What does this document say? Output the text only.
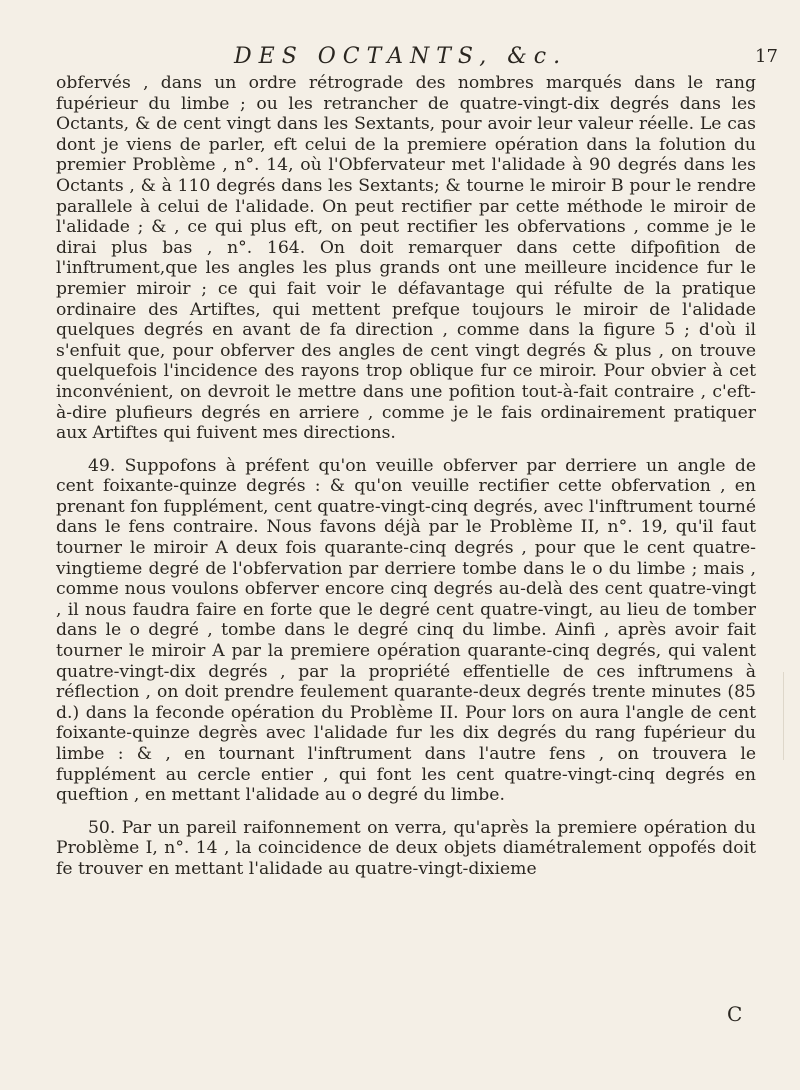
DES OCTANTS, &c.	17

obfervés , dans un ordre rétrograde des nombres marqués dans le rang fupérieur du limbe ; ou les retrancher de quatre-vingt-dix degrés dans les Octants, & de cent vingt dans les Sextants, pour avoir leur valeur réelle. Le cas dont je viens de parler, eft celui de la premiere opération dans la folution du premier Problème , n°. 14, où l'Obfervateur met l'alidade à 90 degrés dans les Octants , & à 110 degrés dans les Sextants; & tourne le miroir B pour le rendre parallele à celui de l'alidade. On peut rectifier par cette méthode le miroir de l'alidade ; & , ce qui plus eft, on peut rectifier les obfervations , comme je le dirai plus bas , n°. 164. On doit remarquer dans cette difpofition de l'inftrument,que les angles les plus grands ont une meilleure incidence fur le premier miroir ; ce qui fait voir le défavantage qui réfulte de la pratique ordinaire des Artiftes, qui mettent prefque toujours le miroir de l'alidade quelques degrés en avant de fa direction , comme dans la figure 5 ; d'où il s'enfuit que, pour obferver des angles de cent vingt degrés & plus , on trouve quelquefois l'incidence des rayons trop oblique fur ce miroir. Pour obvier à cet inconvénient, on devroit le mettre dans une pofition tout-à-fait contraire , c'eft-à-dire plufieurs degrés en arriere , comme je le fais ordinairement pratiquer aux Artiftes qui fuivent mes directions.

49. Suppofons à préfent qu'on veuille obferver par derriere un angle de cent foixante-quinze degrés : & qu'on veuille rectifier cette obfervation , en prenant fon fupplément, cent quatre-vingt-cinq degrés, avec l'inftrument tourné dans le fens contraire. Nous favons déjà par le Problème II, n°. 19, qu'il faut tourner le miroir A deux fois quarante-cinq degrés , pour que le cent quatre-vingtieme degré de l'obfervation par derriere tombe dans le o du limbe ; mais , comme nous voulons obferver encore cinq degrés au-delà des cent quatre-vingt , il nous faudra faire en forte que le degré cent quatre-vingt, au lieu de tomber dans le o degré , tombe dans le degré cinq du limbe. Ainfi , après avoir fait tourner le miroir A par la premiere opération quarante-cinq degrés, qui valent quatre-vingt-dix degrés , par la propriété effentielle de ces inftrumens à réflection , on doit prendre feulement quarante-deux degrés trente minutes (85 d.) dans la feconde opération du Problème II. Pour lors on aura l'angle de cent foixante-quinze degrès avec l'alidade fur les dix degrés du rang fupérieur du limbe : & , en tournant l'inftrument dans l'autre fens , on trouvera le fupplément au cercle entier , qui font les cent quatre-vingt-cinq degrés en queftion , en mettant l'alidade au o degré du limbe.

50. Par un pareil raifonnement on verra, qu'après la premiere opération du Problème I, n°. 14 , la coincidence de deux objets diamétralement oppofés doit fe trouver en mettant l'alidade au quatre-vingt-dixieme

C
